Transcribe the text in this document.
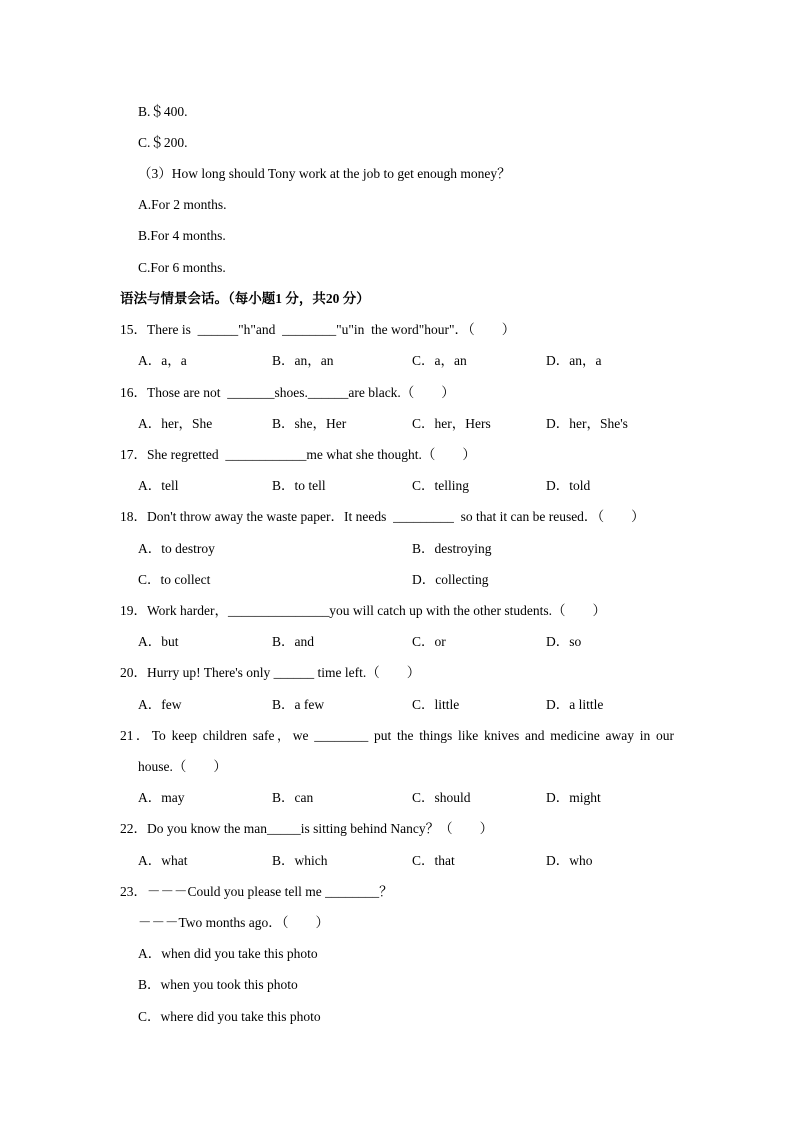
B.＄400.
C.＄200.
（3）How long should Tony work at the job to get enough money？
A.For 2 months.
B.For 4 months.
C.For 6 months.
语法与情景会话。（每小题1 分，共20 分）
15．There is  ______"h"and  ________"u"in  the word"hour"．（　　）
A．a，a	B．an，an	C．a，an	D．an，a
16．Those are not  _______shoes.______are black.（　　）
A．her，She	B．she，Her	C．her，Hers	D．her，She's
17．She regretted  ____________me what she thought.（　　）
A．tell	B．to tell	C．telling	D．told
18．Don't throw away the waste paper．It needs  _________  so that it can be reused．（　　）
A．to destroy	B．destroying
C．to collect	D．collecting
19．Work harder，_______________you will catch up with the other students.（　　）
A．but	B．and	C．or	D．so
20．Hurry up! There's only ______ time left.（　　）
A．few	B．a few	C．little	D．a little
21．To keep children safe，we ________ put the things like knives and medicine away in our
house.（　　）
A．may	B．can	C．should	D．might
22．Do you know the man_____is sitting behind Nancy？（　　）
A．what	B．which	C．that	D．who
23．－－－Could you please tell me ________？
－－－Two months ago．（　　）
A．when did you take this photo
B．when you took this photo
C．where did you take this photo
